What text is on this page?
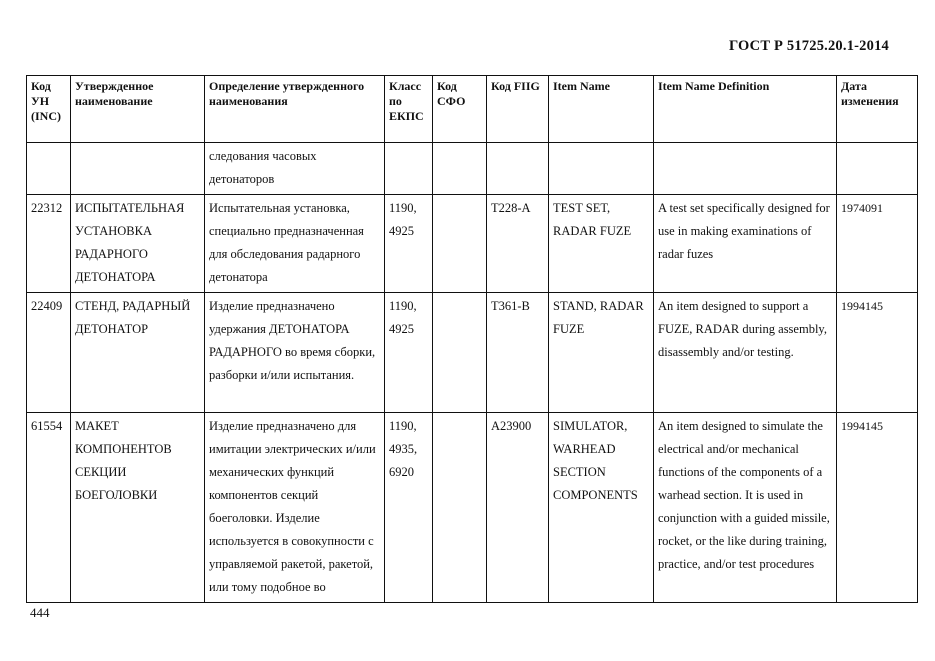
ГОСТ Р 51725.20.1-2014
Код УН (INC)	Утвержденное наименование	Определение утвержденного наименования	Класс по ЕКПС	Код СФО	Код FIIG	Item Name	Item Name Definition	Дата изменения
		следования часовых детонаторов						
22312	ИСПЫТАТЕЛЬНАЯ УСТАНОВКА РАДАРНОГО ДЕТОНАТОРА	Испытательная установка, специально предназначенная для обследования радарного детонатора	1190, 4925		T228-A	TEST SET, RADAR FUZE	A test set specifically designed for use in making examinations of radar fuzes	1974091
22409	СТЕНД, РАДАРНЫЙ ДЕТОНАТОР	Изделие предназначено удержания ДЕТОНАТОРА РАДАРНОГО во время сборки, разборки и/или испытания.	1190, 4925		T361-B	STAND, RADAR FUZE	An item designed to support a FUZE, RADAR during assembly, disassembly and/or testing.	1994145
61554	МАКЕТ КОМПОНЕНТОВ СЕКЦИИ БОЕГОЛОВКИ	Изделие предназначено для имитации электрических и/или механических функций компонентов секций боеголовки. Изделие используется в совокупности с управляемой ракетой, ракетой, или тому подобное во	1190, 4935, 6920		A23900	SIMULATOR, WARHEAD SECTION COMPONENTS	An item designed to simulate the electrical and/or mechanical functions of the components of a warhead section. It is used in conjunction with a guided missile, rocket, or the like during training, practice, and/or test procedures	1994145
444
